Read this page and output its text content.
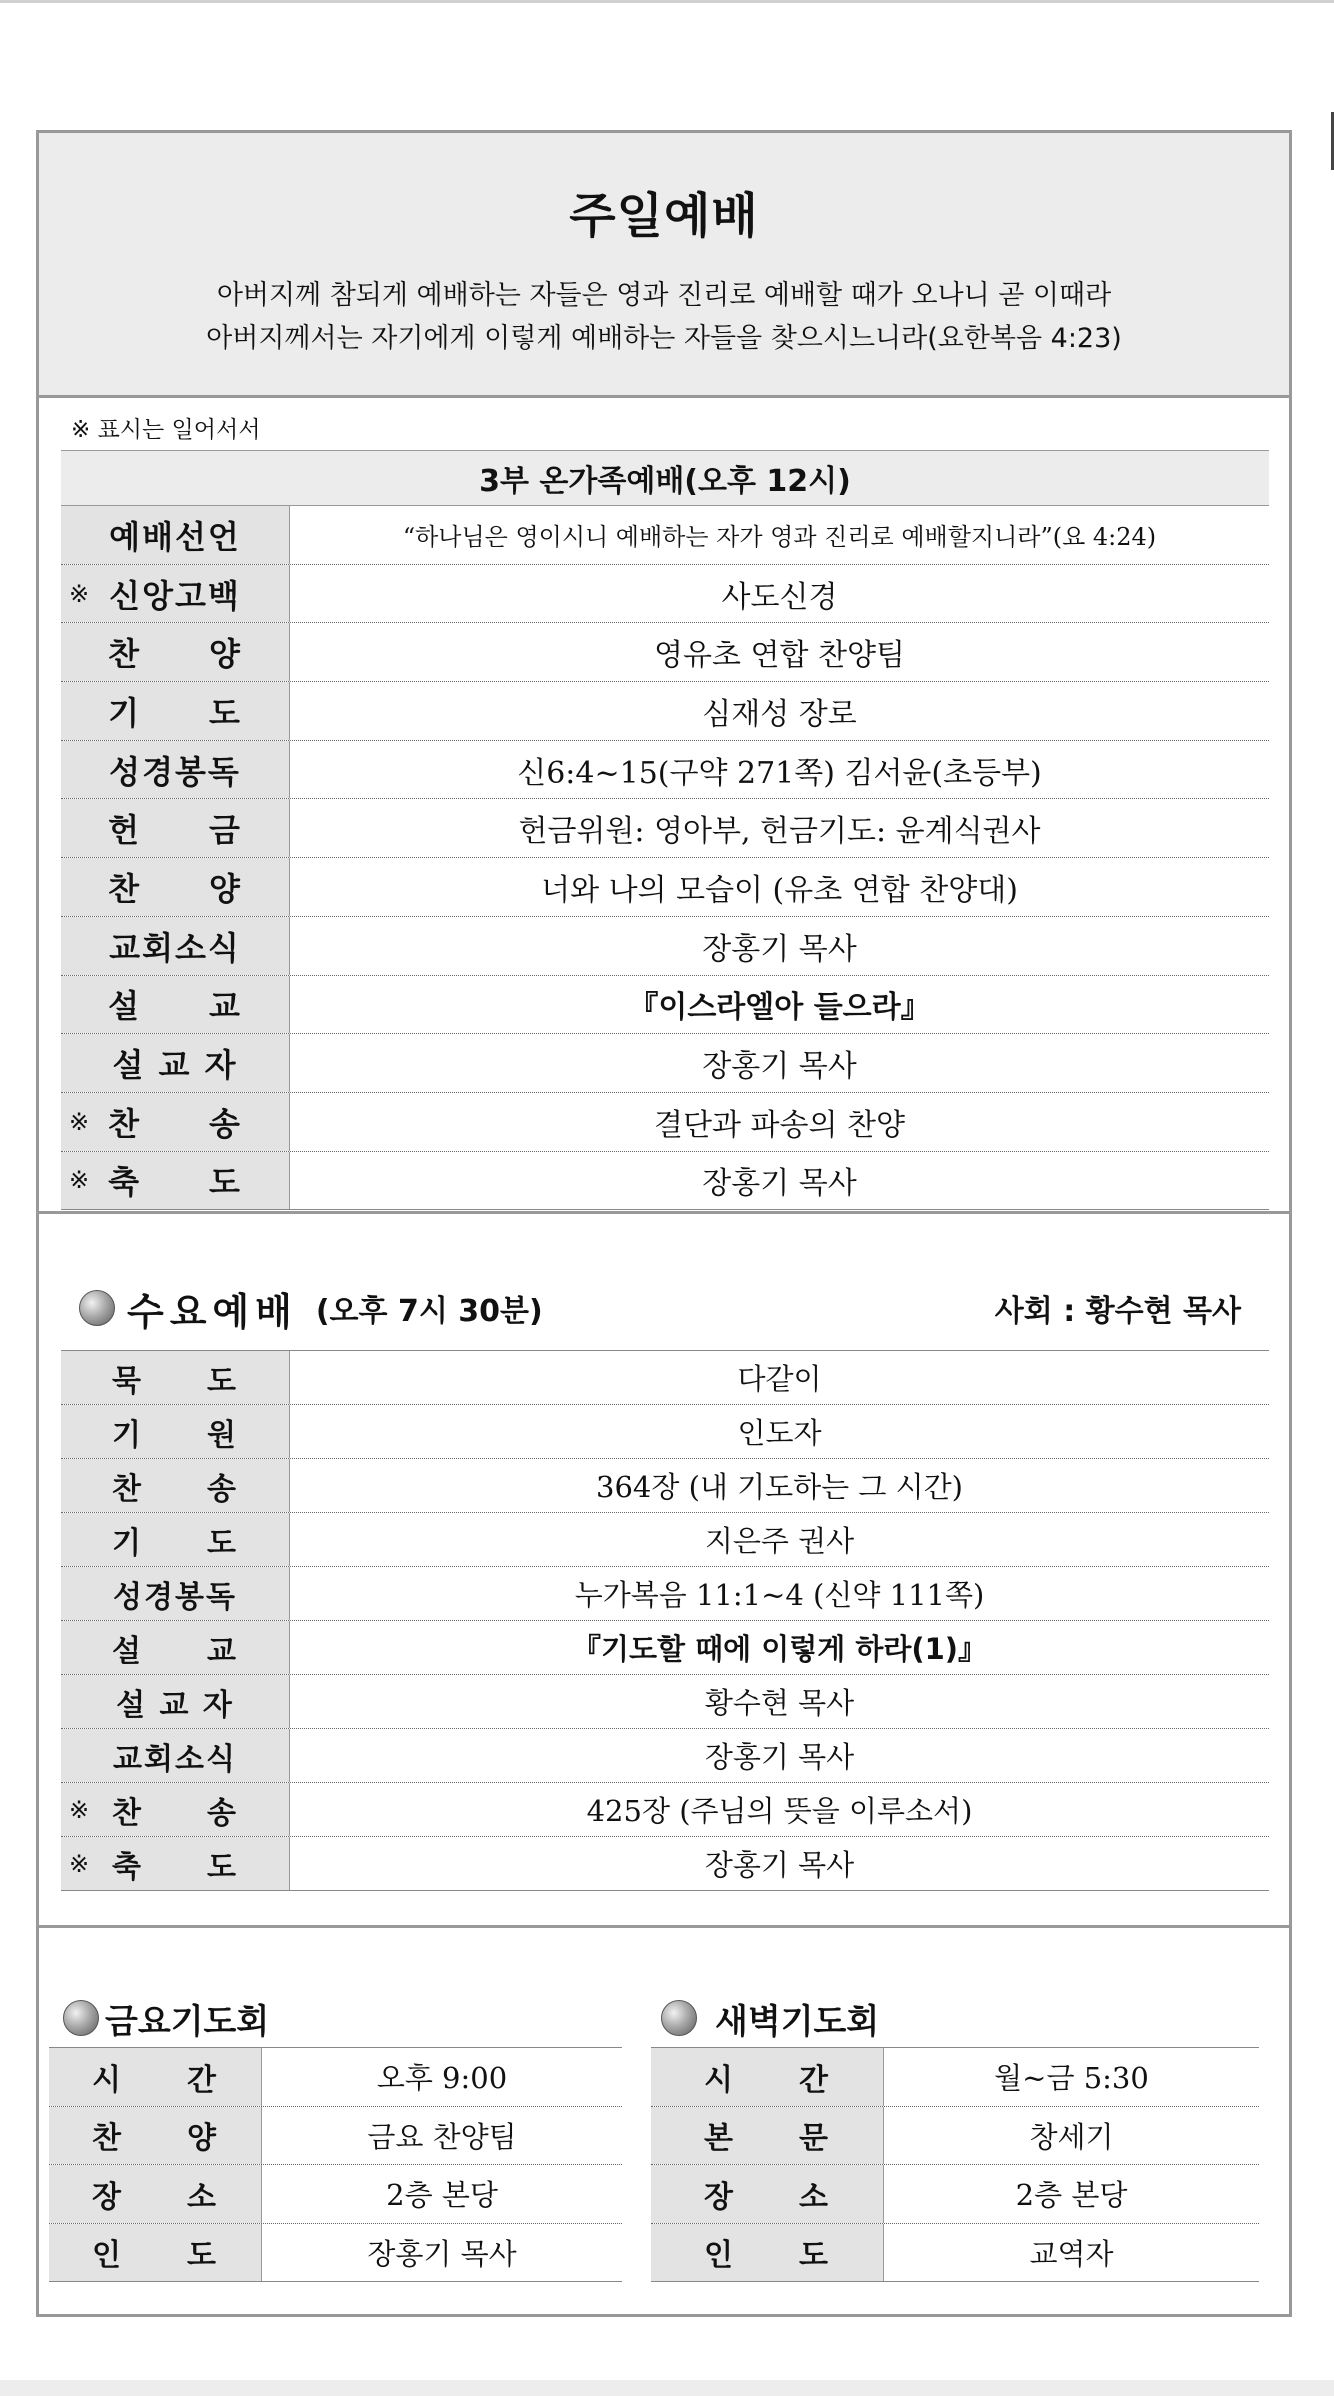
주일예배
아버지께 참되게 예배하는 자들은 영과 진리로 예배할 때가 오나니 곧 이때라
아버지께서는 자기에게 이렇게 예배하는 자들을 찾으시느니라(요한복음 4:23)
※ 표시는 일어서서
3부 온가족예배(오후 12시)
예배선언	“하나님은 영이시니 예배하는 자가 영과 진리로 예배할지니라”(요 4:24)
※ 신앙고백	사도신경
찬　　양	영유초 연합 찬양팀
기　　도	심재성 장로
성경봉독	신6:4~15(구약 271쪽) 김서윤(초등부)
헌　　금	헌금위원: 영아부, 헌금기도: 윤계식권사
찬　　양	너와 나의 모습이 (유초 연합 찬양대)
교회소식	장홍기 목사
설　　교	『이스라엘아 들으라』
설 교 자	장홍기 목사
※ 찬　　송	결단과 파송의 찬양
※ 축　　도	장홍기 목사
수요예배 (오후 7시 30분)	사회 : 황수현 목사
묵　　도	다같이
기　　원	인도자
찬　　송	364장 (내 기도하는 그 시간)
기　　도	지은주 권사
성경봉독	누가복음 11:1~4 (신약 111쪽)
설　　교	『기도할 때에 이렇게 하라(1)』
설 교 자	황수현 목사
교회소식	장홍기 목사
※ 찬　　송	425장 (주님의 뜻을 이루소서)
※ 축　　도	장홍기 목사
금요기도회	새벽기도회
시　　간	오후 9:00
찬　　양	금요 찬양팀
장　　소	2층 본당
인　　도	장홍기 목사
시　　간	월~금 5:30
본　　문	창세기
장　　소	2층 본당
인　　도	교역자
